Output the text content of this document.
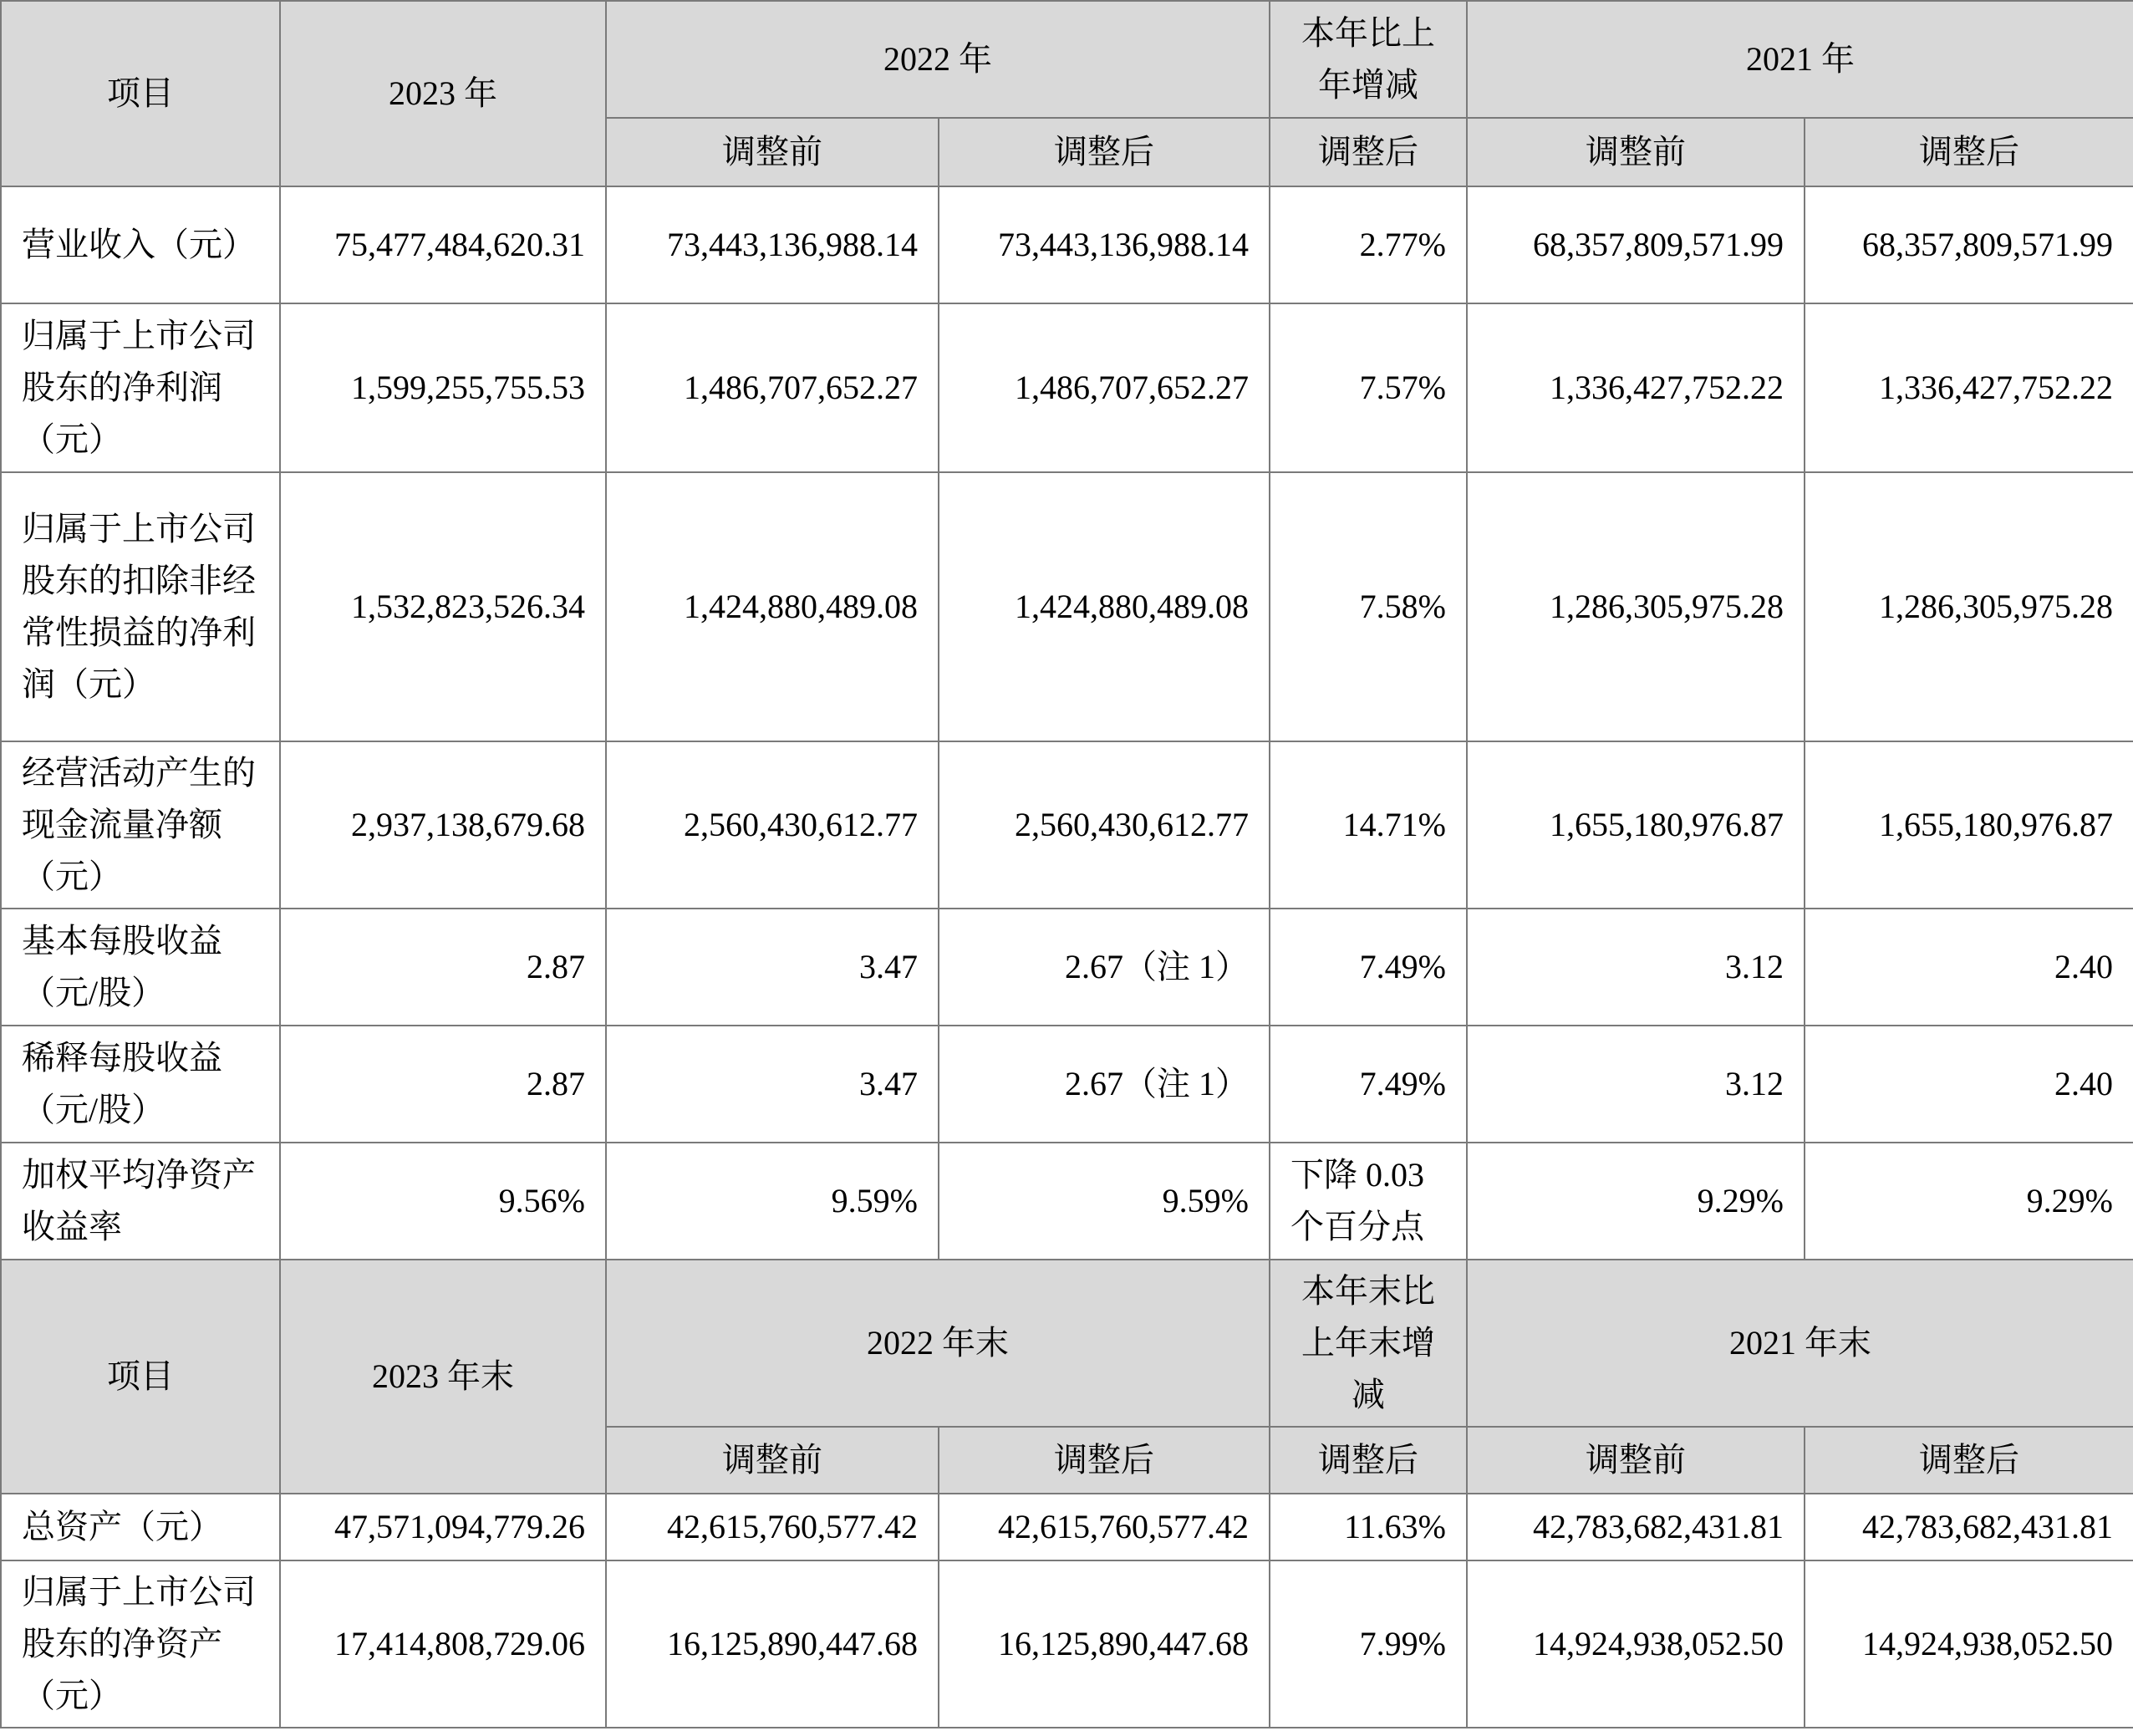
项目	2023 年	2022 年		本年比上年增减	2021 年	
		调整前	调整后	调整后	调整前	调整后
营业收入（元）	75,477,484,620.31	73,443,136,988.14	73,443,136,988.14	2.77%	68,357,809,571.99	68,357,809,571.99
归属于上市公司股东的净利润（元）	1,599,255,755.53	1,486,707,652.27	1,486,707,652.27	7.57%	1,336,427,752.22	1,336,427,752.22
归属于上市公司股东的扣除非经常性损益的净利润（元）	1,532,823,526.34	1,424,880,489.08	1,424,880,489.08	7.58%	1,286,305,975.28	1,286,305,975.28
经营活动产生的现金流量净额（元）	2,937,138,679.68	2,560,430,612.77	2,560,430,612.77	14.71%	1,655,180,976.87	1,655,180,976.87
基本每股收益（元/股）	2.87	3.47	2.67（注 1）	7.49%	3.12	2.40
稀释每股收益（元/股）	2.87	3.47	2.67（注 1）	7.49%	3.12	2.40
加权平均净资产收益率	9.56%	9.59%	9.59%	下降 0.03 个百分点	9.29%	9.29%
项目	2023 年末	2022 年末		本年末比上年末增减	2021 年末	
		调整前	调整后	调整后	调整前	调整后
总资产（元）	47,571,094,779.26	42,615,760,577.42	42,615,760,577.42	11.63%	42,783,682,431.81	42,783,682,431.81
归属于上市公司股东的净资产（元）	17,414,808,729.06	16,125,890,447.68	16,125,890,447.68	7.99%	14,924,938,052.50	14,924,938,052.50
